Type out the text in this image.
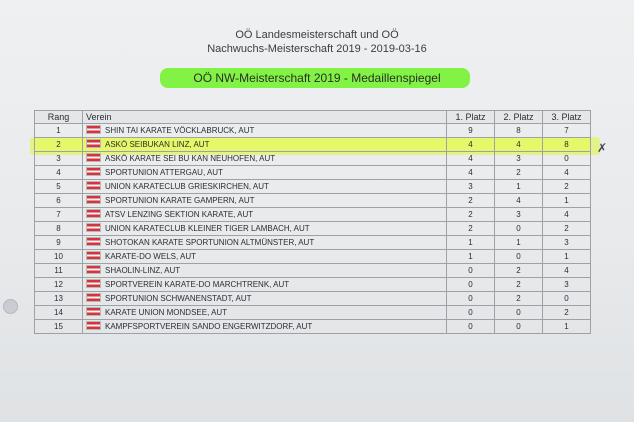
OÖ Landesmeisterschaft und OÖ
Nachwuchs-Meisterschaft 2019 - 2019-03-16
OÖ NW-Meisterschaft 2019 - Medaillenspiegel
Rang	Verein	1. Platz	2. Platz	3. Platz
1	SHIN TAI KARATE VÖCKLABRUCK, AUT	9	8	7
2	ASKÖ SEIBUKAN LINZ, AUT	4	4	8
3	ASKÖ KARATE SEI BU KAN NEUHOFEN, AUT	4	3	0
4	SPORTUNION ATTERGAU, AUT	4	2	4
5	UNION KARATECLUB GRIESKIRCHEN, AUT	3	1	2
6	SPORTUNION KARATE GAMPERN, AUT	2	4	1
7	ATSV LENZING SEKTION KARATE, AUT	2	3	4
8	UNION KARATECLUB KLEINER TIGER LAMBACH, AUT	2	0	2
9	SHOTOKAN KARATE SPORTUNION ALTMÜNSTER, AUT	1	1	3
10	KARATE-DO WELS, AUT	1	0	1
11	SHAOLIN-LINZ, AUT	0	2	4
12	SPORTVEREIN KARATE-DO MARCHTRENK, AUT	0	2	3
13	SPORTUNION SCHWANENSTADT, AUT	0	2	0
14	KARATE UNION MONDSEE, AUT	0	0	2
15	KAMPFSPORTVEREIN SANDO ENGERWITZDORF, AUT	0	0	1
✗
